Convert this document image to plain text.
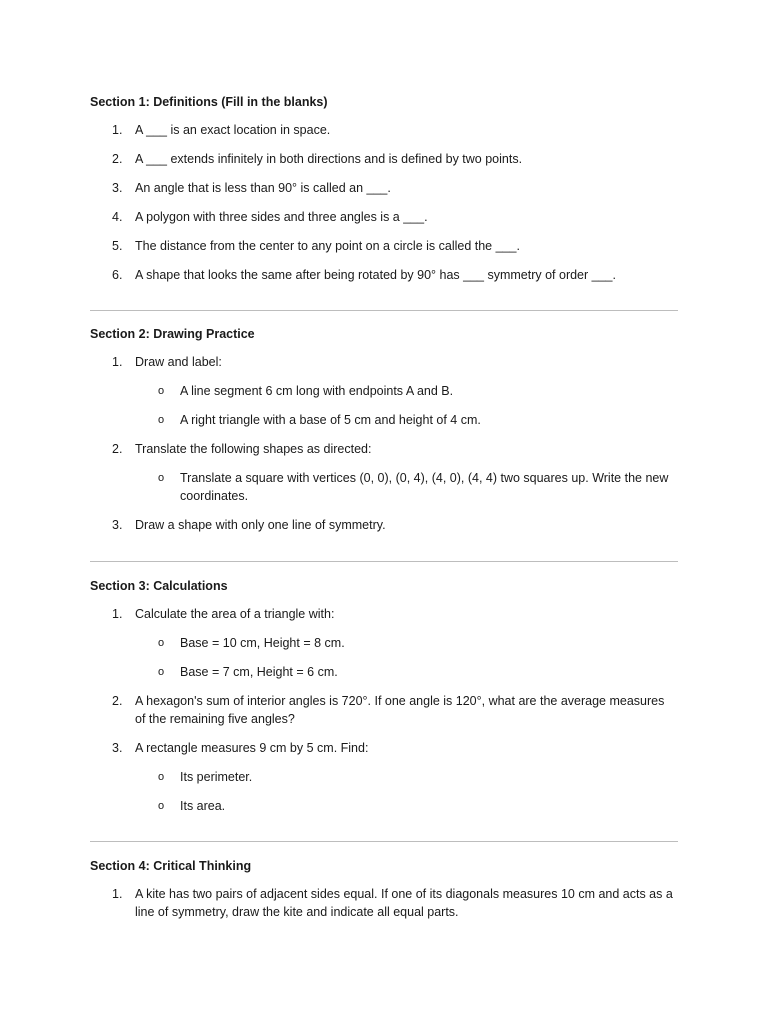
Section 1: Definitions (Fill in the blanks)

1. A ___ is an exact location in space.
2. A ___ extends infinitely in both directions and is defined by two points.
3. An angle that is less than 90° is called an ___.
4. A polygon with three sides and three angles is a ___.
5. The distance from the center to any point on a circle is called the ___.
6. A shape that looks the same after being rotated by 90° has ___ symmetry of order ___.

Section 2: Drawing Practice

1. Draw and label:
o A line segment 6 cm long with endpoints A and B.
o A right triangle with a base of 5 cm and height of 4 cm.
2. Translate the following shapes as directed:
o Translate a square with vertices (0, 0), (0, 4), (4, 0), (4, 4) two squares up. Write the new coordinates.
3. Draw a shape with only one line of symmetry.

Section 3: Calculations

1. Calculate the area of a triangle with:
o Base = 10 cm, Height = 8 cm.
o Base = 7 cm, Height = 6 cm.
2. A hexagon's sum of interior angles is 720°. If one angle is 120°, what are the average measures of the remaining five angles?
3. A rectangle measures 9 cm by 5 cm. Find:
o Its perimeter.
o Its area.

Section 4: Critical Thinking

1. A kite has two pairs of adjacent sides equal. If one of its diagonals measures 10 cm and acts as a line of symmetry, draw the kite and indicate all equal parts.
